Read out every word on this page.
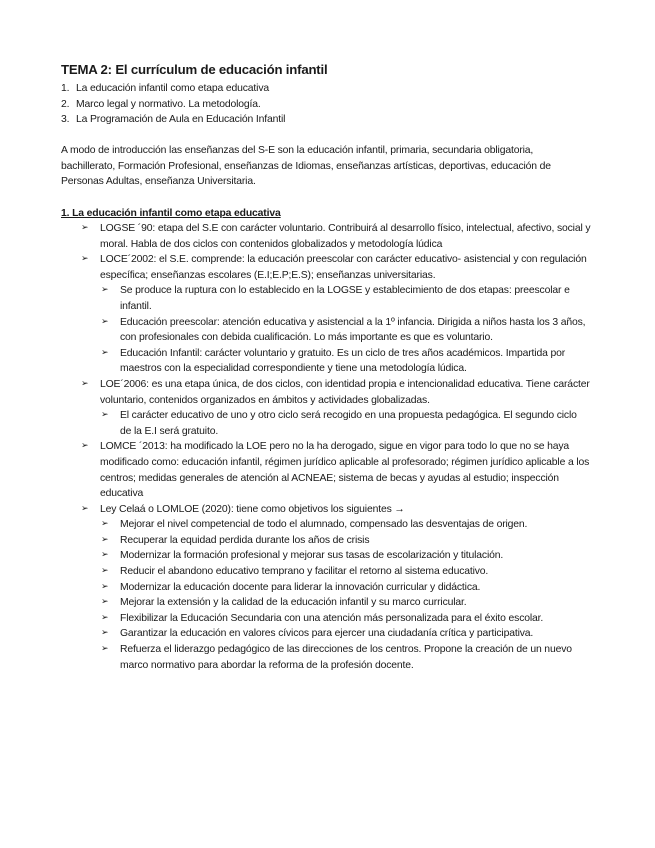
TEMA 2: El currículum de educación infantil
1. La educación infantil como etapa educativa
2. Marco legal y normativo. La metodología.
3. La Programación de Aula en Educación Infantil

A modo de introducción las enseñanzas del S-E son la educación infantil, primaria, secundaria obligatoria, bachillerato, Formación Profesional, enseñanzas de Idiomas, enseñanzas artísticas, deportivas, educación de Personas Adultas, enseñanza Universitaria.

1. La educación infantil como etapa educativa
➢ LOGSE ´90: etapa del S.E con carácter voluntario. Contribuirá al desarrollo físico, intelectual, afectivo, social y moral. Habla de dos ciclos con contenidos globalizados y metodología lúdica
➢ LOCE´2002: el S.E. comprende: la educación preescolar con carácter educativo- asistencial y con regulación específica; enseñanzas escolares (E.I;E.P;E.S); enseñanzas universitarias.
➢ Se produce la ruptura con lo establecido en la LOGSE y establecimiento de dos etapas: preescolar e infantil.
➢ Educación preescolar: atención educativa y asistencial a la 1º infancia. Dirigida a niños hasta los 3 años, con profesionales con debida cualificación. Lo más importante es que es voluntario.
➢ Educación Infantil: carácter voluntario y gratuito. Es un ciclo de tres años académicos. Impartida por maestros con la especialidad correspondiente y tiene una metodología lúdica.
➢ LOE´2006: es una etapa única, de dos ciclos, con identidad propia e intencionalidad educativa. Tiene carácter voluntario, contenidos organizados en ámbitos y actividades globalizadas.
➢ El carácter educativo de uno y otro ciclo será recogido en una propuesta pedagógica. El segundo ciclo de la E.I será gratuito.
➢ LOMCE ´2013: ha modificado la LOE pero no la ha derogado, sigue en vigor para todo lo que no se haya modificado como: educación infantil, régimen jurídico aplicable al profesorado; régimen jurídico aplicable a los centros; medidas generales de atención al ACNEAE; sistema de becas y ayudas al estudio; inspección educativa
➢ Ley Celaá o LOMLOE (2020): tiene como objetivos los siguientes →
➢ Mejorar el nivel competencial de todo el alumnado, compensado las desventajas de origen.
➢ Recuperar la equidad perdida durante los años de crisis
➢ Modernizar la formación profesional y mejorar sus tasas de escolarización y titulación.
➢ Reducir el abandono educativo temprano y facilitar el retorno al sistema educativo.
➢ Modernizar la educación docente para liderar la innovación curricular y didáctica.
➢ Mejorar la extensión y la calidad de la educación infantil y su marco curricular.
➢ Flexibilizar la Educación Secundaria con una atención más personalizada para el éxito escolar.
➢ Garantizar la educación en valores cívicos para ejercer una ciudadanía crítica y participativa.
➢ Refuerza el liderazgo pedagógico de las direcciones de los centros. Propone la creación de un nuevo marco normativo para abordar la reforma de la profesión docente.
